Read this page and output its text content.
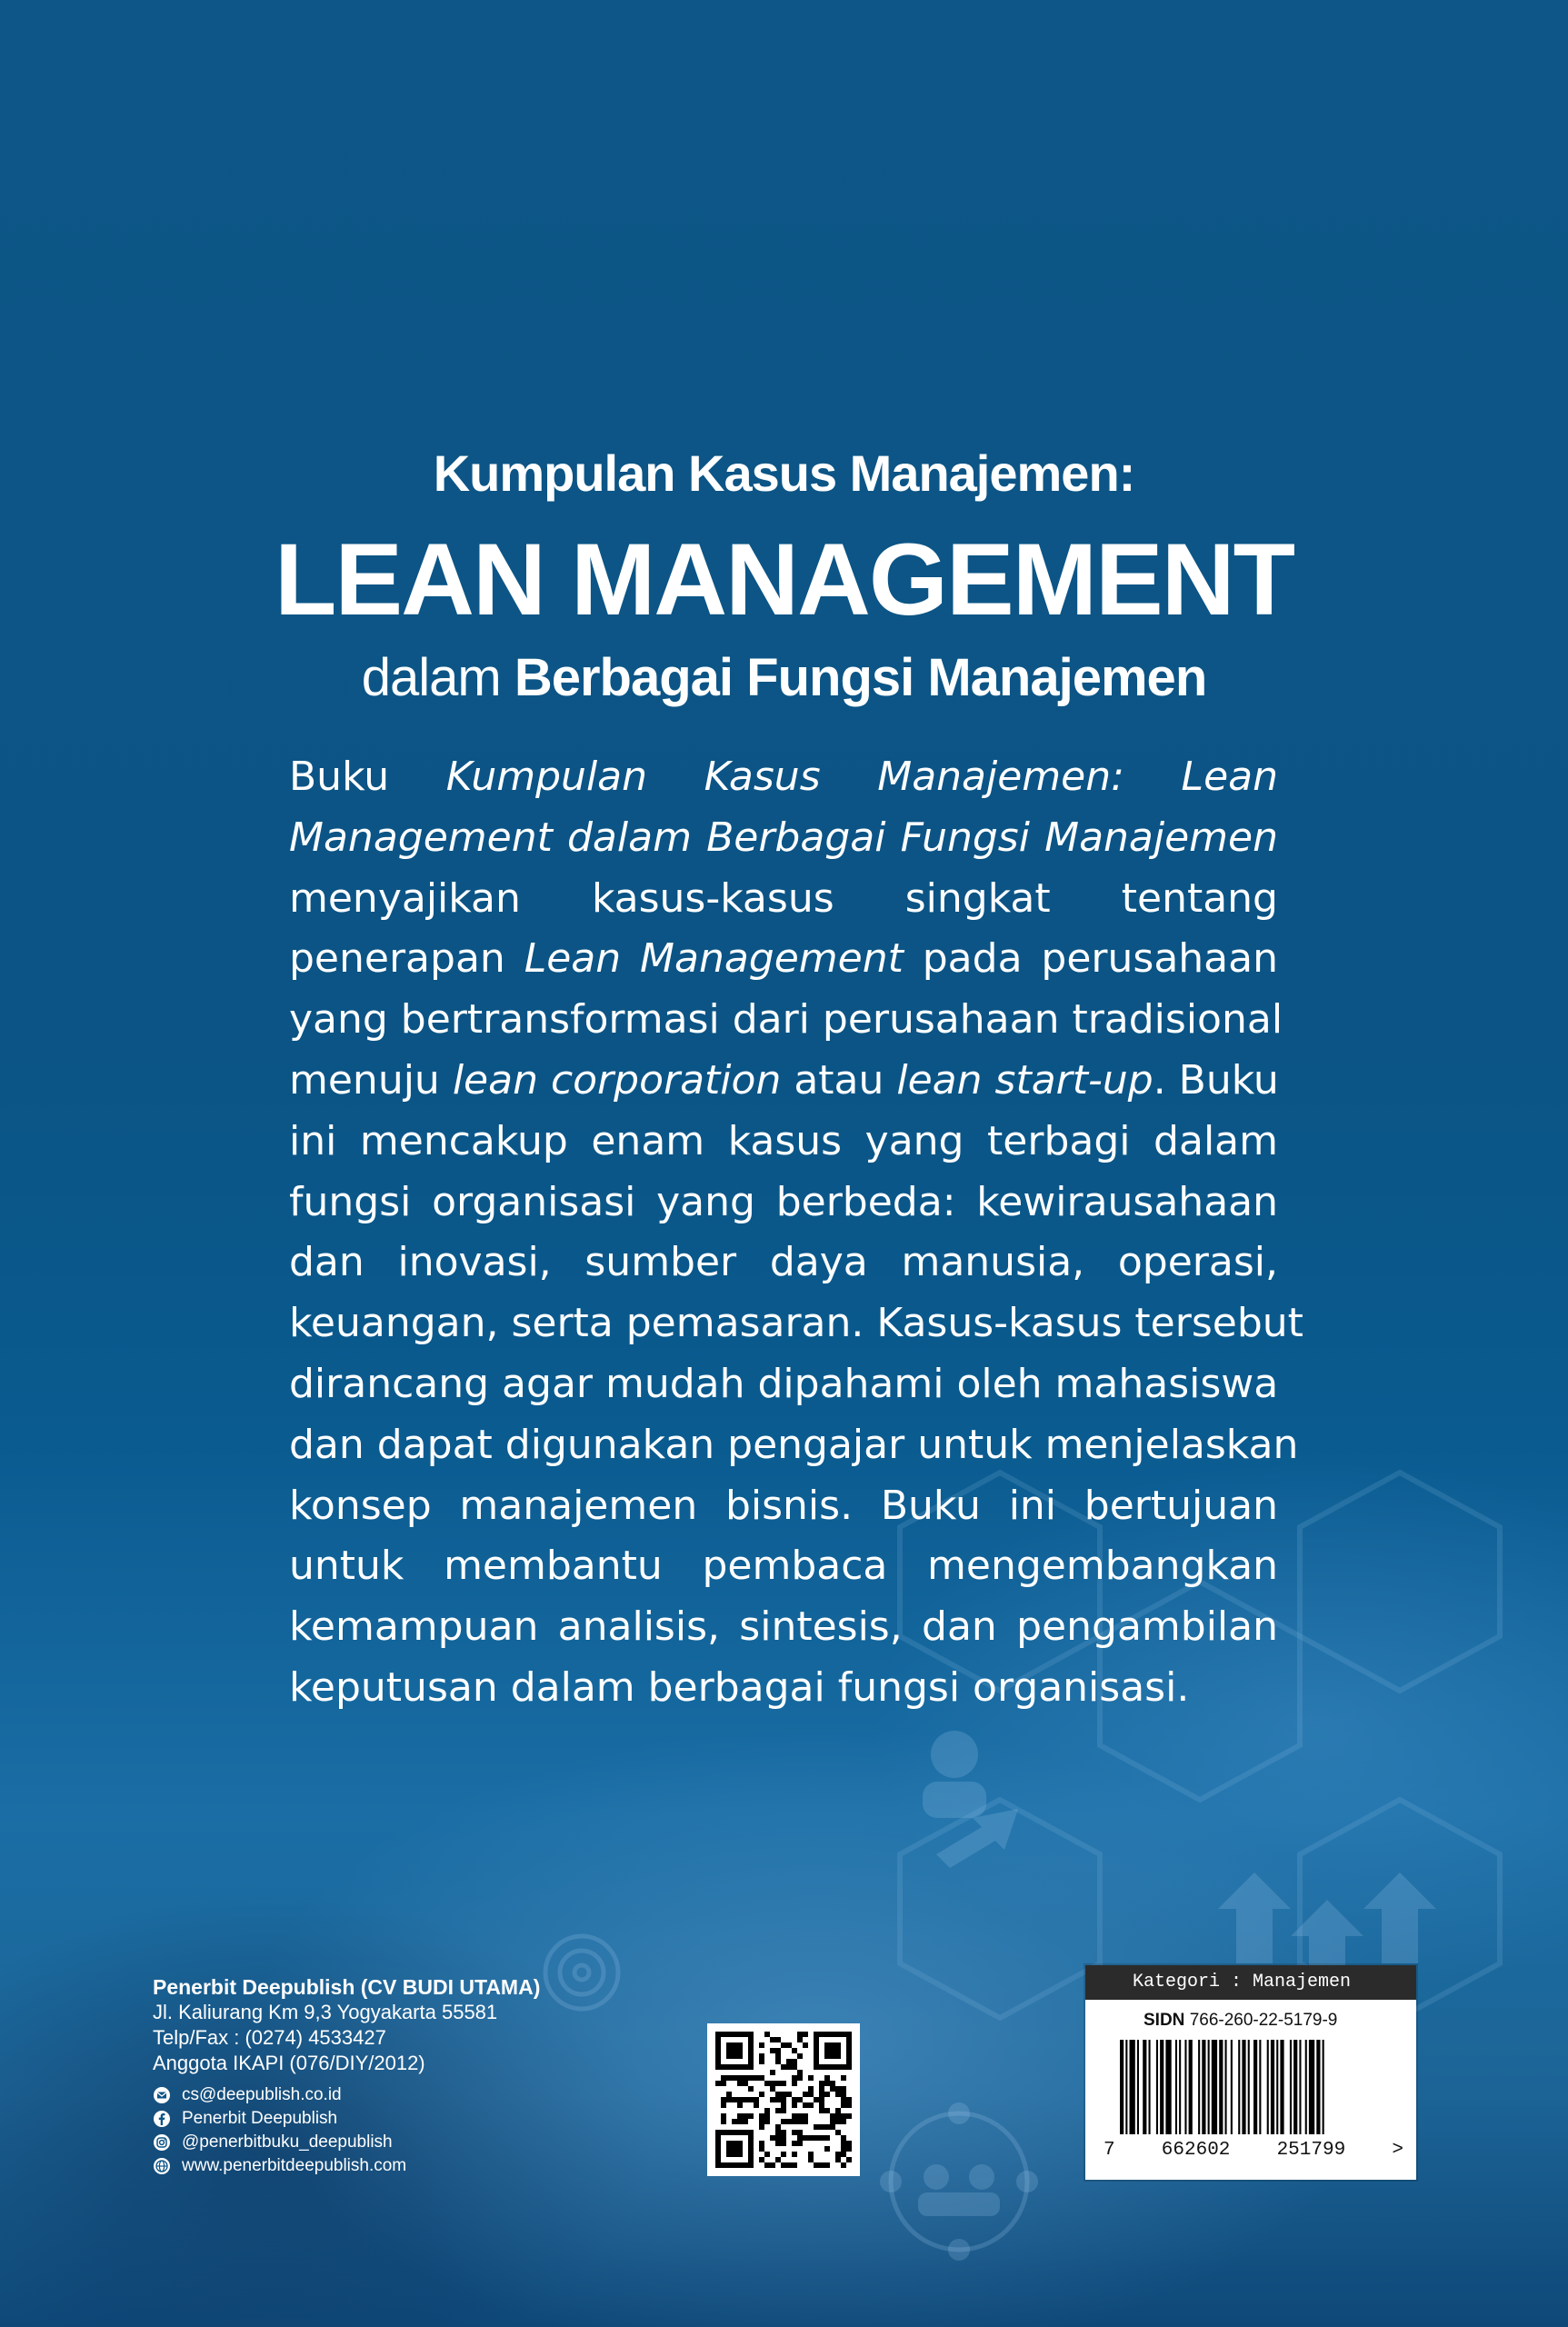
Kumpulan Kasus Manajemen:
LEAN MANAGEMENT
dalam Berbagai Fungsi Manajemen

Buku Kumpulan Kasus Manajemen: Lean
Management dalam Berbagai Fungsi Manajemen
menyajikan kasus-kasus singkat tentang
penerapan Lean Management pada perusahaan
yang bertransformasi dari perusahaan tradisional
menuju lean corporation atau lean start-up. Buku
ini mencakup enam kasus yang terbagi dalam
fungsi organisasi yang berbeda: kewirausahaan
dan inovasi, sumber daya manusia, operasi,
keuangan, serta pemasaran. Kasus-kasus tersebut
dirancang agar mudah dipahami oleh mahasiswa
dan dapat digunakan pengajar untuk menjelaskan
konsep manajemen bisnis. Buku ini bertujuan
untuk membantu pembaca mengembangkan
kemampuan analisis, sintesis, dan pengambilan
keputusan dalam berbagai fungsi organisasi.

Penerbit Deepublish (CV BUDI UTAMA)
Jl. Kaliurang Km 9,3 Yogyakarta 55581
Telp/Fax : (0274) 4533427
Anggota IKAPI (076/DIY/2012)
cs@deepublish.co.id
Penerbit Deepublish
@penerbitbuku_deepublish
www.penerbitdeepublish.com
Kategori : Manajemen
SIDN 766-260-22-5179-9
7 662602 251799 >
